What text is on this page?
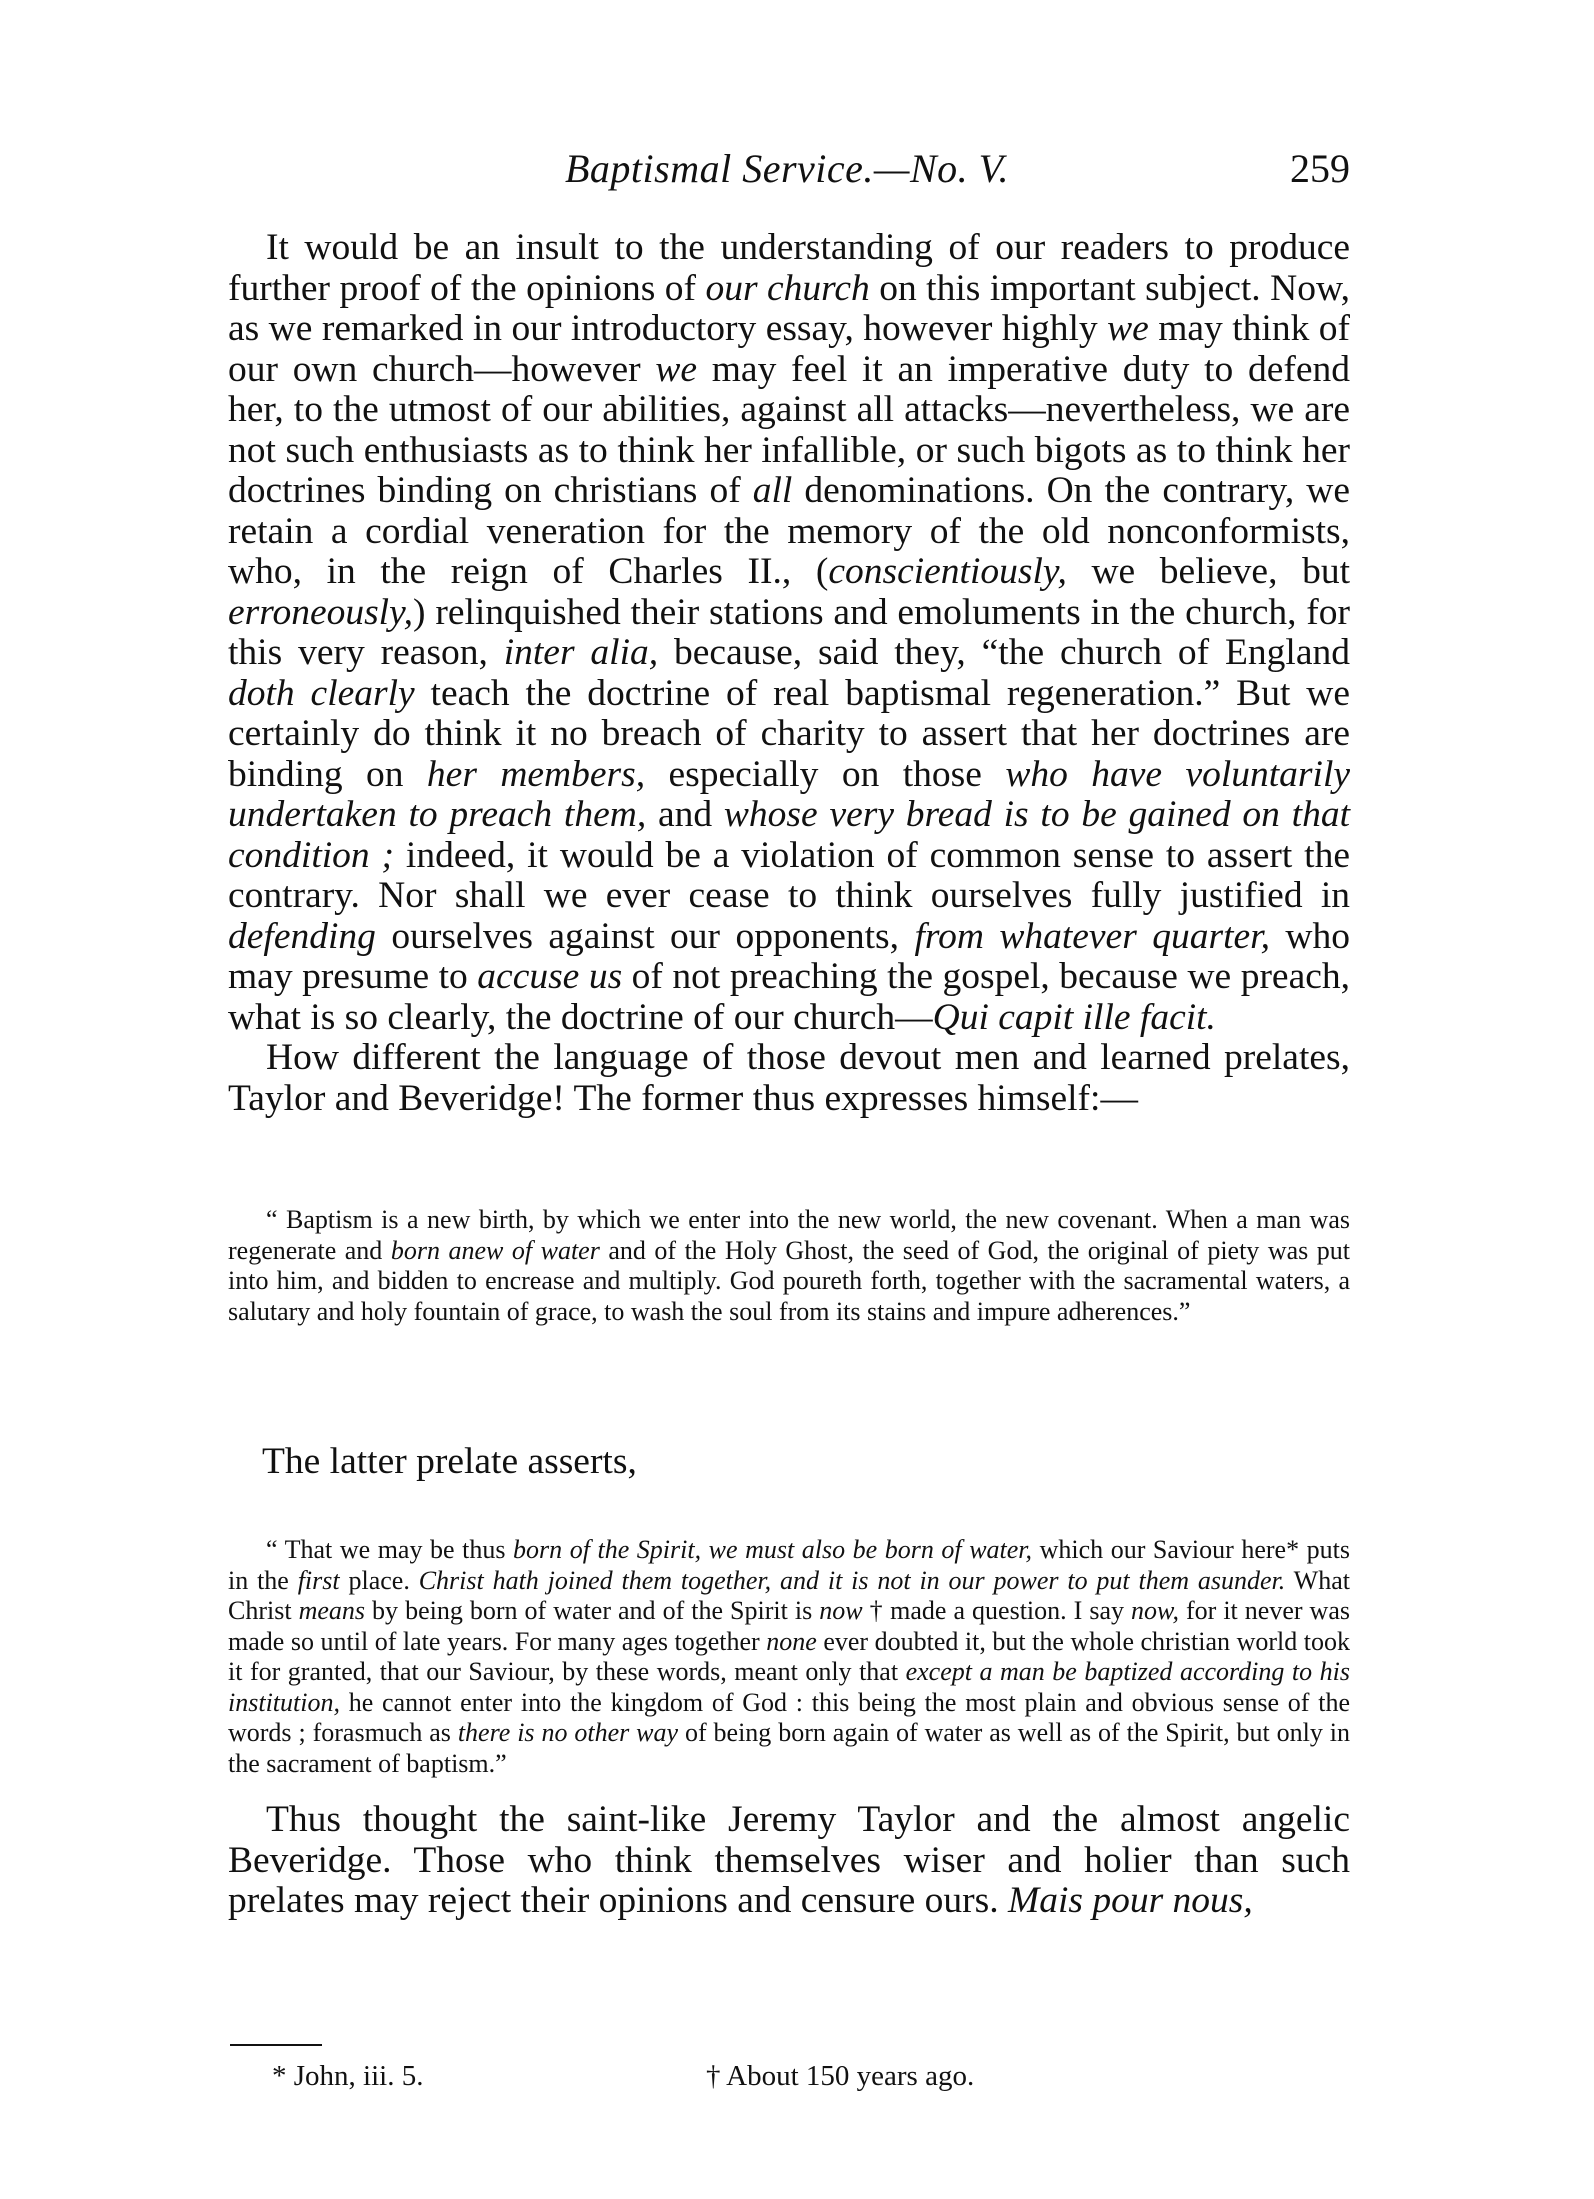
Baptismal Service.—No. V.	259

It would be an insult to the understanding of our readers to produce further proof of the opinions of our church on this important subject. Now, as we remarked in our introductory essay, however highly we may think of our own church—however we may feel it an imperative duty to defend her, to the utmost of our abilities, against all attacks—nevertheless, we are not such enthusiasts as to think her infallible, or such bigots as to think her doctrines binding on christians of all denominations. On the contrary, we retain a cordial veneration for the memory of the old nonconformists, who, in the reign of Charles II., (conscientiously, we believe, but erroneously,) relinquished their stations and emoluments in the church, for this very reason, inter alia, because, said they, “the church of England doth clearly teach the doctrine of real baptismal regeneration.” But we certainly do think it no breach of charity to assert that her doctrines are binding on her members, especially on those who have voluntarily undertaken to preach them, and whose very bread is to be gained on that condition ; indeed, it would be a violation of common sense to assert the contrary. Nor shall we ever cease to think ourselves fully justified in defending ourselves against our opponents, from whatever quarter, who may presume to accuse us of not preaching the gospel, because we preach, what is so clearly, the doctrine of our church—Qui capit ille facit.

How different the language of those devout men and learned prelates, Taylor and Beveridge! The former thus expresses himself:—

“ Baptism is a new birth, by which we enter into the new world, the new covenant. When a man was regenerate and born anew of water and of the Holy Ghost, the seed of God, the original of piety was put into him, and bidden to encrease and multiply. God poureth forth, together with the sacramental waters, a salutary and holy fountain of grace, to wash the soul from its stains and impure adherences.”

The latter prelate asserts,

“ That we may be thus born of the Spirit, we must also be born of water, which our Saviour here* puts in the first place. Christ hath joined them together, and it is not in our power to put them asunder. What Christ means by being born of water and of the Spirit is now † made a question. I say now, for it never was made so until of late years. For many ages together none ever doubted it, but the whole christian world took it for granted, that our Saviour, by these words, meant only that except a man be baptized according to his institution, he cannot enter into the kingdom of God : this being the most plain and obvious sense of the words ; forasmuch as there is no other way of being born again of water as well as of the Spirit, but only in the sacrament of baptism.”

Thus thought the saint-like Jeremy Taylor and the almost angelic Beveridge. Those who think themselves wiser and holier than such prelates may reject their opinions and censure ours. Mais pour nous,

* John, iii. 5.	† About 150 years ago.
